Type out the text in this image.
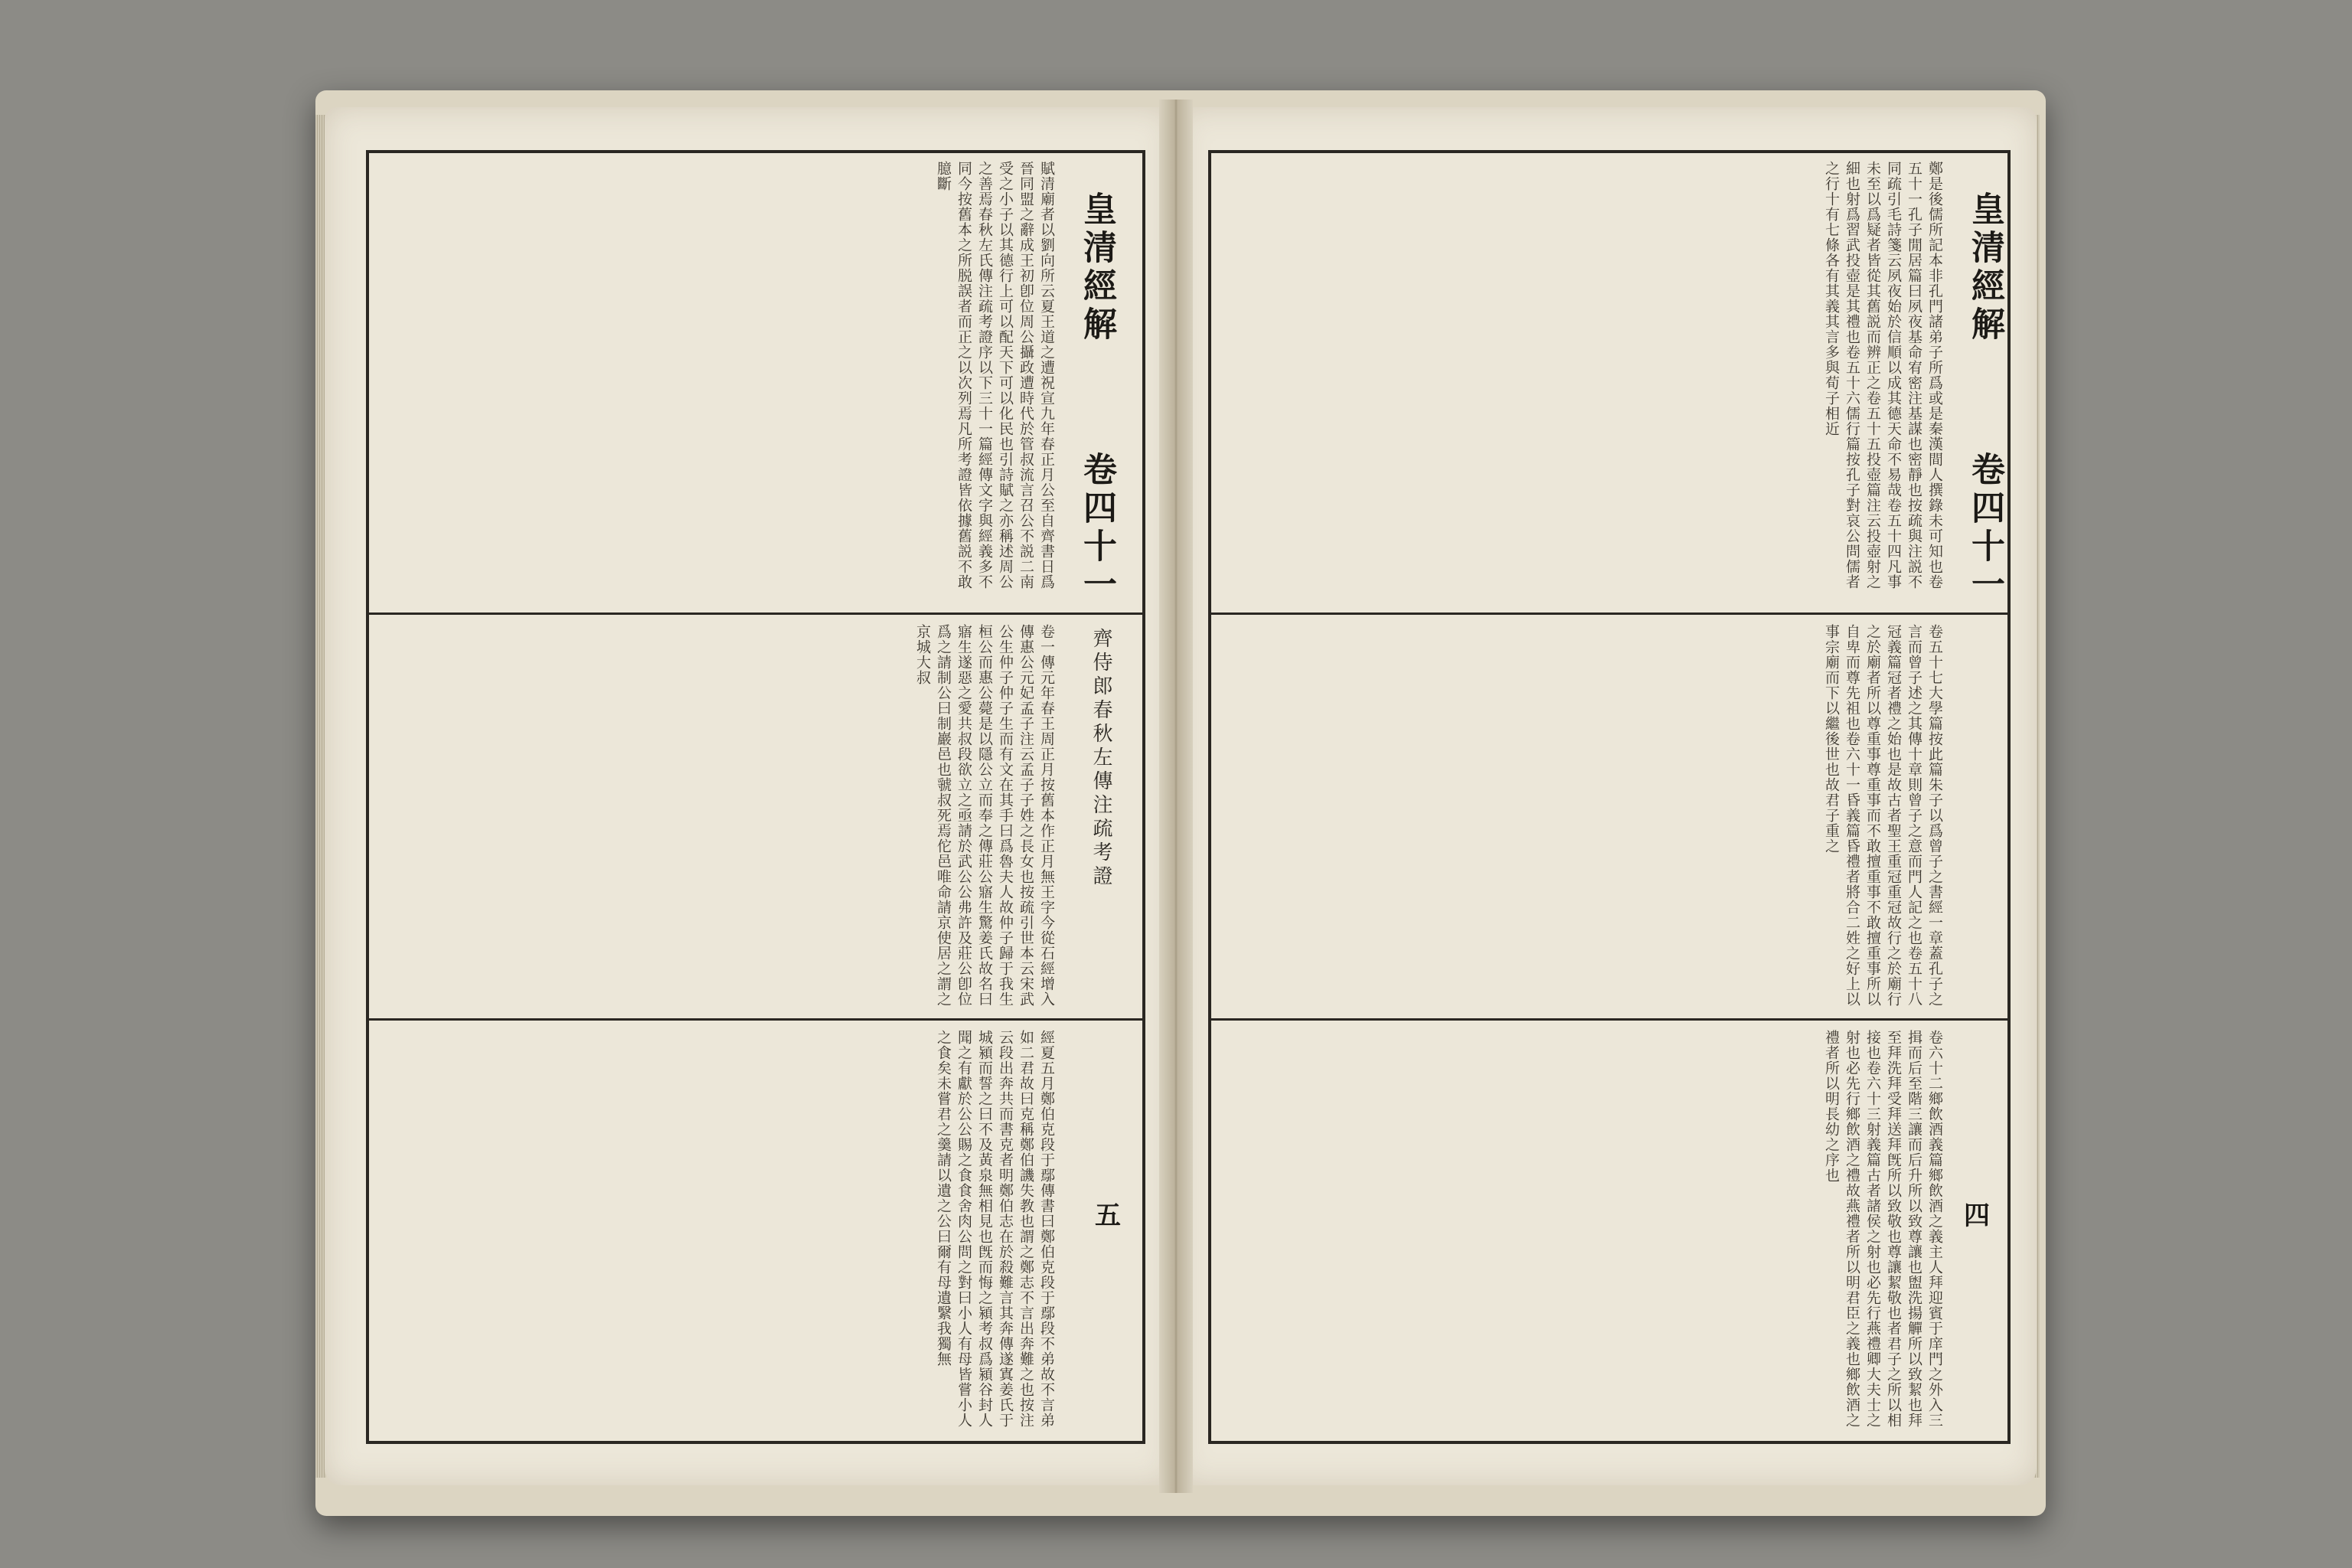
皇清經解
卷四十一
齊侍郎春秋左傳注疏考證
五
賦清廟者以劉向所云夏王道之遭祝宣九年春正月公至自齊書日爲晉同盟之辭成王初卽位周公攝政遭時代於管叔流言召公不説二南受之小子以其德行上可以配天下可以化民也引詩賦之亦稱述周公之善焉春秋左氏傳注疏考證序以下三十一篇經傳文字與經義多不同今按舊本之所脱誤者而正之以次列焉凡所考證皆依據舊説不敢臆斷
卷一傳元年春王周正月按舊本作正月無王字今從石經增入傳惠公元妃孟子注云孟子子姓之長女也按疏引世本云宋武公生仲子仲子生而有文在其手曰爲魯夫人故仲子歸于我生桓公而惠公薨是以隱公立而奉之傳莊公寤生驚姜氏故名曰寤生遂惡之愛共叔段欲立之亟請於武公公弗許及莊公卽位爲之請制公曰制巖邑也虢叔死焉佗邑唯命請京使居之謂之京城大叔
經夏五月鄭伯克段于鄢傳書曰鄭伯克段于鄢段不弟故不言弟如二君故曰克稱鄭伯譏失教也謂之鄭志不言出奔難之也按注云段出奔共而書克者明鄭伯志在於殺難言其奔傳遂寘姜氏于城潁而誓之曰不及黃泉無相見也旣而悔之潁考叔爲潁谷封人聞之有獻於公公賜之食食舍肉公問之對曰小人有母皆嘗小人之食矣未嘗君之羹請以遺之公曰爾有母遺繄我獨無
皇清經解
卷四十一
四
鄭是後儒所記本非孔門諸弟子所爲或是秦漢間人撰錄未可知也卷五十一孔子閒居篇曰夙夜基命宥密注基謀也密靜也按疏與注説不同疏引毛詩箋云夙夜始於信順以成其德天命不易哉卷五十四凡事未至以爲疑者皆從其舊説而辨正之卷五十五投壺篇注云投壺射之細也射爲習武投壺是其禮也卷五十六儒行篇按孔子對哀公問儒者之行十有七條各有其義其言多與荀子相近
卷五十七大學篇按此篇朱子以爲曾子之書經一章蓋孔子之言而曾子述之其傳十章則曾子之意而門人記之也卷五十八冠義篇冠者禮之始也是故古者聖王重冠重冠故行之於廟行之於廟者所以尊重事尊重事而不敢擅重事不敢擅重事所以自卑而尊先祖也卷六十一昏義篇昏禮者將合二姓之好上以事宗廟而下以繼後世也故君子重之
卷六十二鄉飲酒義篇鄉飲酒之義主人拜迎賓于庠門之外入三揖而后至階三讓而后升所以致尊讓也盥洗揚觶所以致絜也拜至拜洗拜受拜送拜旣所以致敬也尊讓絜敬也者君子之所以相接也卷六十三射義篇古者諸侯之射也必先行燕禮卿大夫士之射也必先行鄉飲酒之禮故燕禮者所以明君臣之義也鄉飲酒之禮者所以明長幼之序也
